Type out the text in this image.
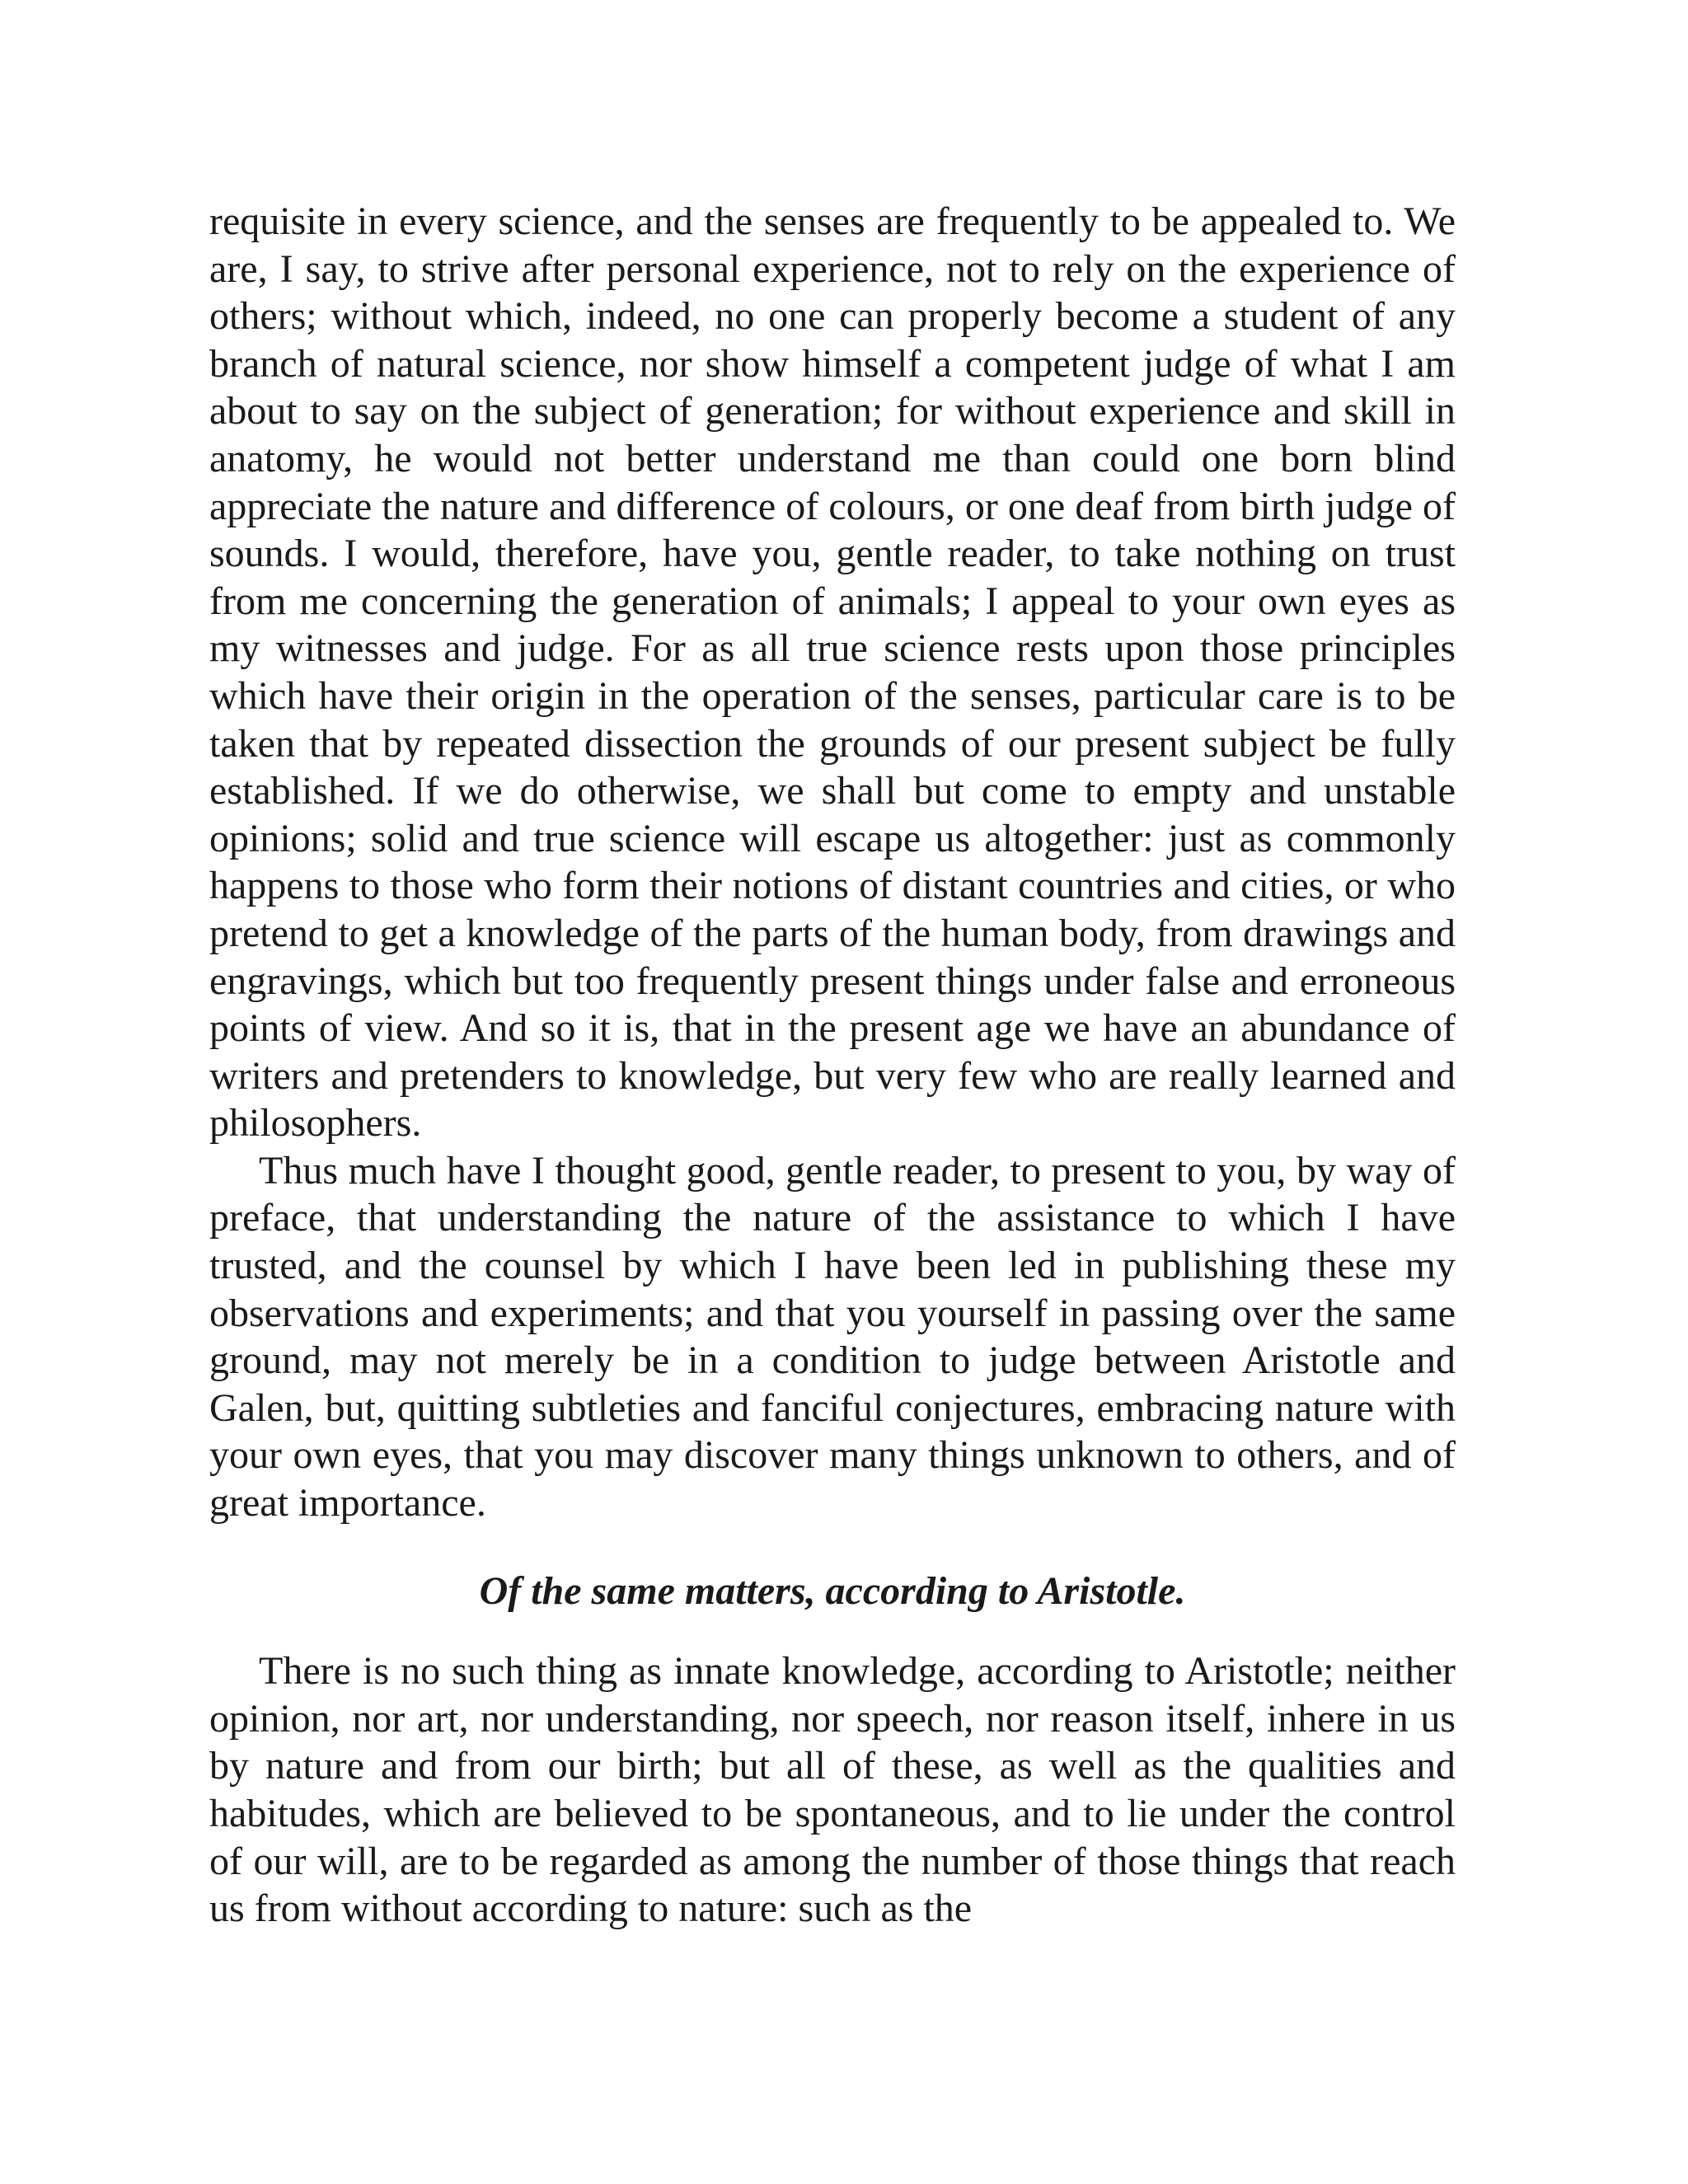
requisite in every science, and the senses are frequently to be appealed to. We are, I say, to strive after personal experience, not to rely on the experience of others; without which, indeed, no one can properly become a student of any branch of natural science, nor show himself a competent judge of what I am about to say on the subject of generation; for without experience and skill in anatomy, he would not better understand me than could one born blind appreciate the nature and difference of colours, or one deaf from birth judge of sounds. I would, therefore, have you, gentle reader, to take nothing on trust from me concerning the generation of animals; I appeal to your own eyes as my witnesses and judge. For as all true science rests upon those principles which have their origin in the operation of the senses, particular care is to be taken that by repeated dissection the grounds of our present subject be fully established. If we do otherwise, we shall but come to empty and unstable opinions; solid and true science will escape us altogether: just as commonly happens to those who form their notions of distant countries and cities, or who pretend to get a knowledge of the parts of the human body, from drawings and engravings, which but too frequently present things under false and erroneous points of view. And so it is, that in the present age we have an abundance of writers and pretenders to knowledge, but very few who are really learned and philosophers.

Thus much have I thought good, gentle reader, to present to you, by way of preface, that understanding the nature of the assistance to which I have trusted, and the counsel by which I have been led in publishing these my observations and experiments; and that you yourself in passing over the same ground, may not merely be in a condition to judge between Aristotle and Galen, but, quitting subtleties and fanciful conjectures, embracing nature with your own eyes, that you may discover many things unknown to others, and of great importance.

Of the same matters, according to Aristotle.

There is no such thing as innate knowledge, according to Aristotle; neither opinion, nor art, nor understanding, nor speech, nor reason itself, inhere in us by nature and from our birth; but all of these, as well as the qualities and habitudes, which are believed to be spontaneous, and to lie under the control of our will, are to be regarded as among the number of those things that reach us from without according to nature: such as the
